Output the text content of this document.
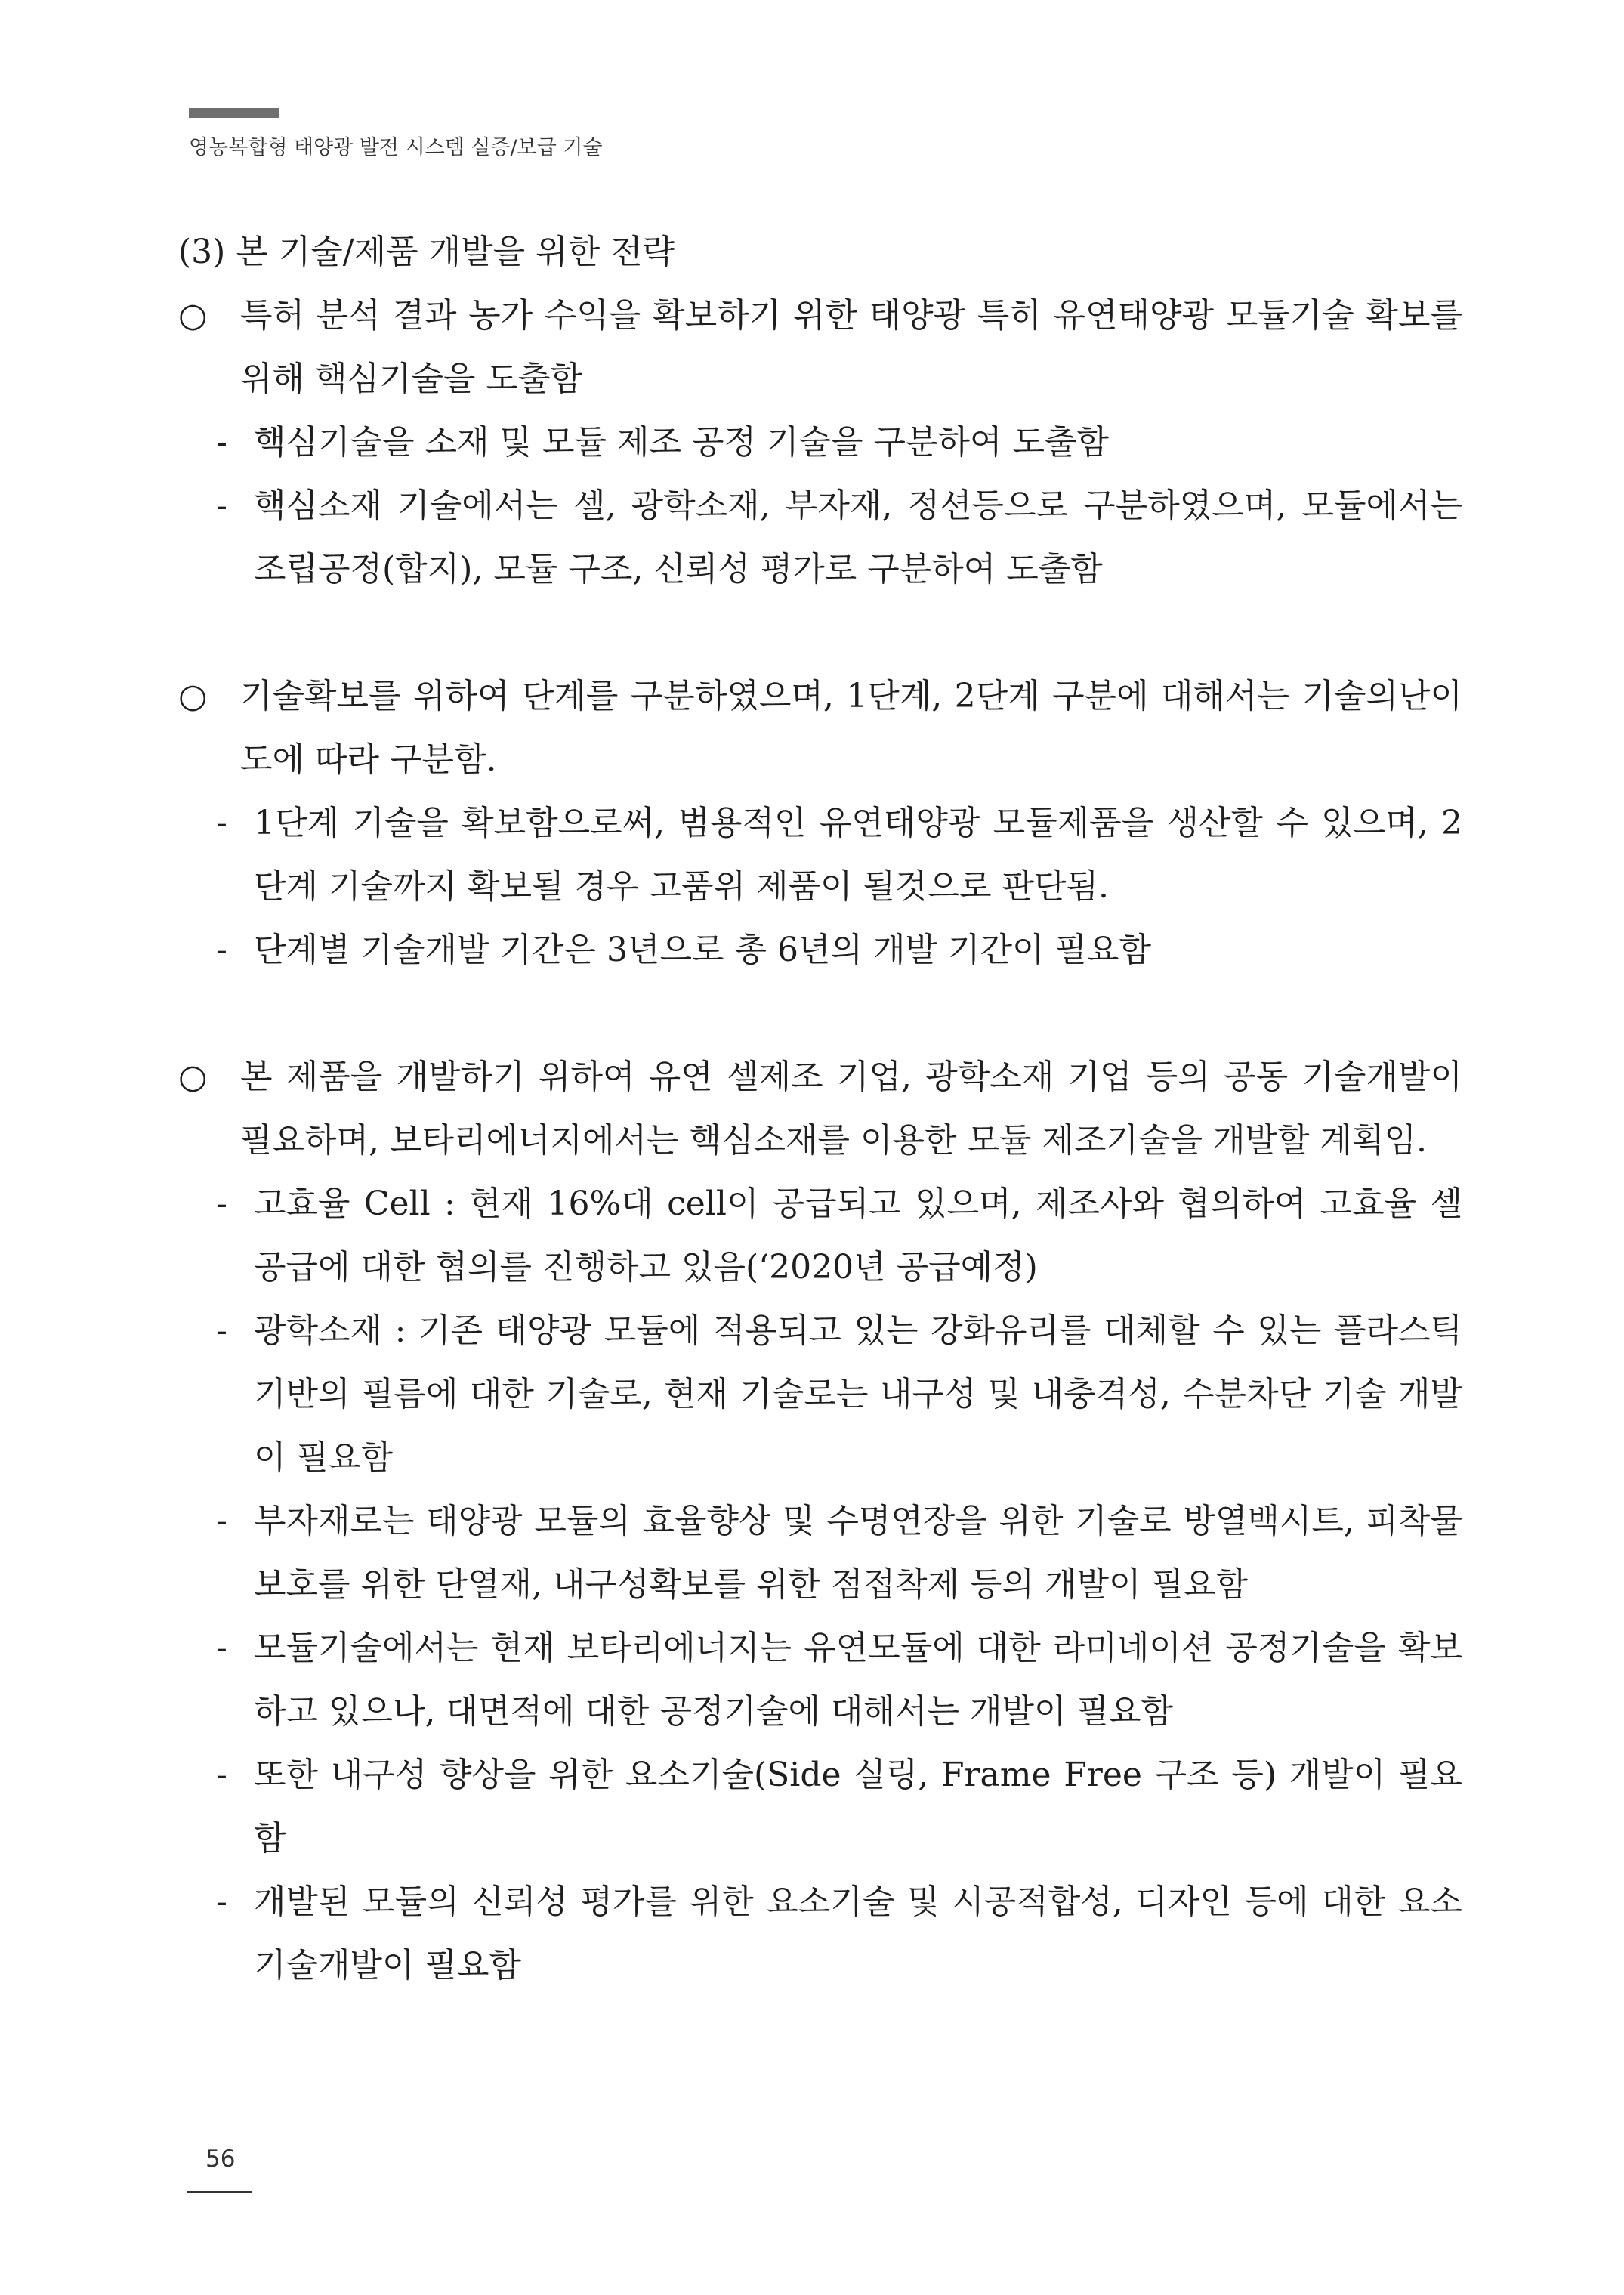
영농복합형 태양광 발전 시스템 실증/보급 기술
(3) 본 기술/제품 개발을 위한 전략
○ 특허 분석 결과 농가 수익을 확보하기 위한 태양광 특히 유연태양광 모듈기술 확보를 위해 핵심기술을 도출함
- 핵심기술을 소재 및 모듈 제조 공정 기술을 구분하여 도출함
- 핵심소재 기술에서는 셀, 광학소재, 부자재, 정션등으로 구분하였으며, 모듈에서는 조립공정(합지), 모듈 구조, 신뢰성 평가로 구분하여 도출함
○ 기술확보를 위하여 단계를 구분하였으며, 1단계, 2단계 구분에 대해서는 기술의난이도에 따라 구분함.
- 1단계 기술을 확보함으로써, 범용적인 유연태양광 모듈제품을 생산할 수 있으며, 2단계 기술까지 확보될 경우 고품위 제품이 될것으로 판단됨.
- 단계별 기술개발 기간은 3년으로 총 6년의 개발 기간이 필요함
○ 본 제품을 개발하기 위하여 유연 셀제조 기업, 광학소재 기업 등의 공동 기술개발이 필요하며, 보타리에너지에서는 핵심소재를 이용한 모듈 제조기술을 개발할 계획임.
- 고효율 Cell : 현재 16%대 cell이 공급되고 있으며, 제조사와 협의하여 고효율 셀 공급에 대한 협의를 진행하고 있음(‘2020년 공급예정)
- 광학소재 : 기존 태양광 모듈에 적용되고 있는 강화유리를 대체할 수 있는 플라스틱 기반의 필름에 대한 기술로, 현재 기술로는 내구성 및 내충격성, 수분차단 기술 개발이 필요함
- 부자재로는 태양광 모듈의 효율향상 및 수명연장을 위한 기술로 방열백시트, 피착물 보호를 위한 단열재, 내구성확보를 위한 점접착제 등의 개발이 필요함
- 모듈기술에서는 현재 보타리에너지는 유연모듈에 대한 라미네이션 공정기술을 확보하고 있으나, 대면적에 대한 공정기술에 대해서는 개발이 필요함
- 또한 내구성 향상을 위한 요소기술(Side 실링, Frame Free 구조 등) 개발이 필요함
- 개발된 모듈의 신뢰성 평가를 위한 요소기술 및 시공적합성, 디자인 등에 대한 요소 기술개발이 필요함
56
